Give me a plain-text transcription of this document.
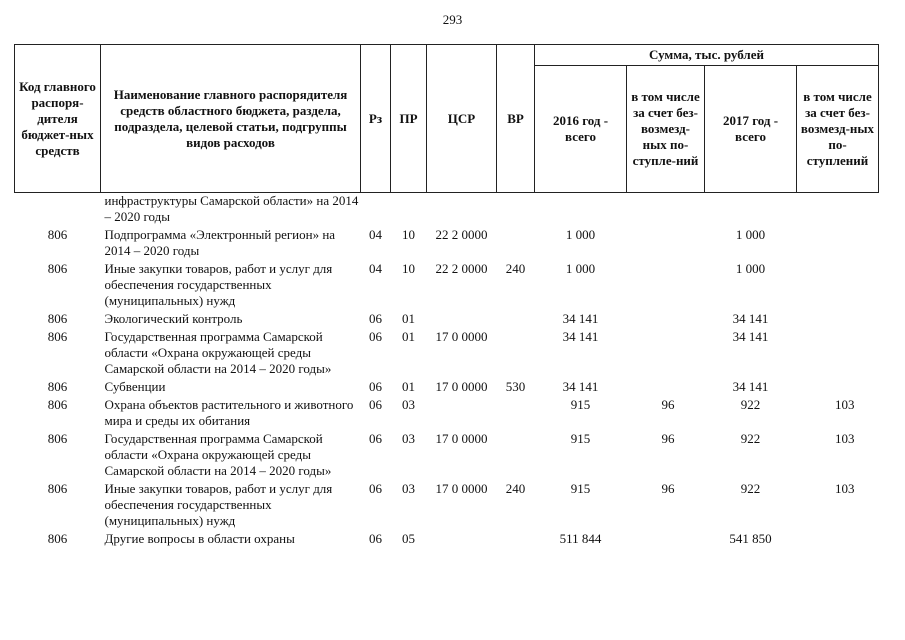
293
Код главного распоря-дителя бюджет-ных средств	Наименование главного распорядителя средств областного бюджета, раздела, подраздела, целевой статьи, подгруппы видов расходов	Рз	ПР	ЦСР	ВР	Сумма, тыс. рублей			
						2016 год - всего	в том числе за счет без-возмезд-ных по-ступле-ний	2017 год - всего	в том числе за счет без-возмезд-ных по-ступлений
	инфраструктуры Самарской области» на 2014 – 2020 годы								
806	Подпрограмма «Электронный регион» на 2014 – 2020 годы	04	10	22 2 0000		1 000		1 000	
806	Иные закупки товаров, работ и услуг для обеспечения государственных (муниципальных) нужд	04	10	22 2 0000	240	1 000		1 000	
806	Экологический контроль	06	01			34 141		34 141	
806	Государственная программа Самарской области «Охрана окружающей среды Самарской области на 2014 – 2020 годы»	06	01	17 0 0000		34 141		34 141	
806	Субвенции	06	01	17 0 0000	530	34 141		34 141	
806	Охрана объектов растительного и животного мира и среды их обитания	06	03			915	96	922	103
806	Государственная программа Самарской области «Охрана окружающей среды Самарской области на 2014 – 2020 годы»	06	03	17 0 0000		915	96	922	103
806	Иные закупки товаров, работ и услуг для обеспечения государственных (муниципальных) нужд	06	03	17 0 0000	240	915	96	922	103
806	Другие вопросы в области охраны	06	05			511 844		541 850	
